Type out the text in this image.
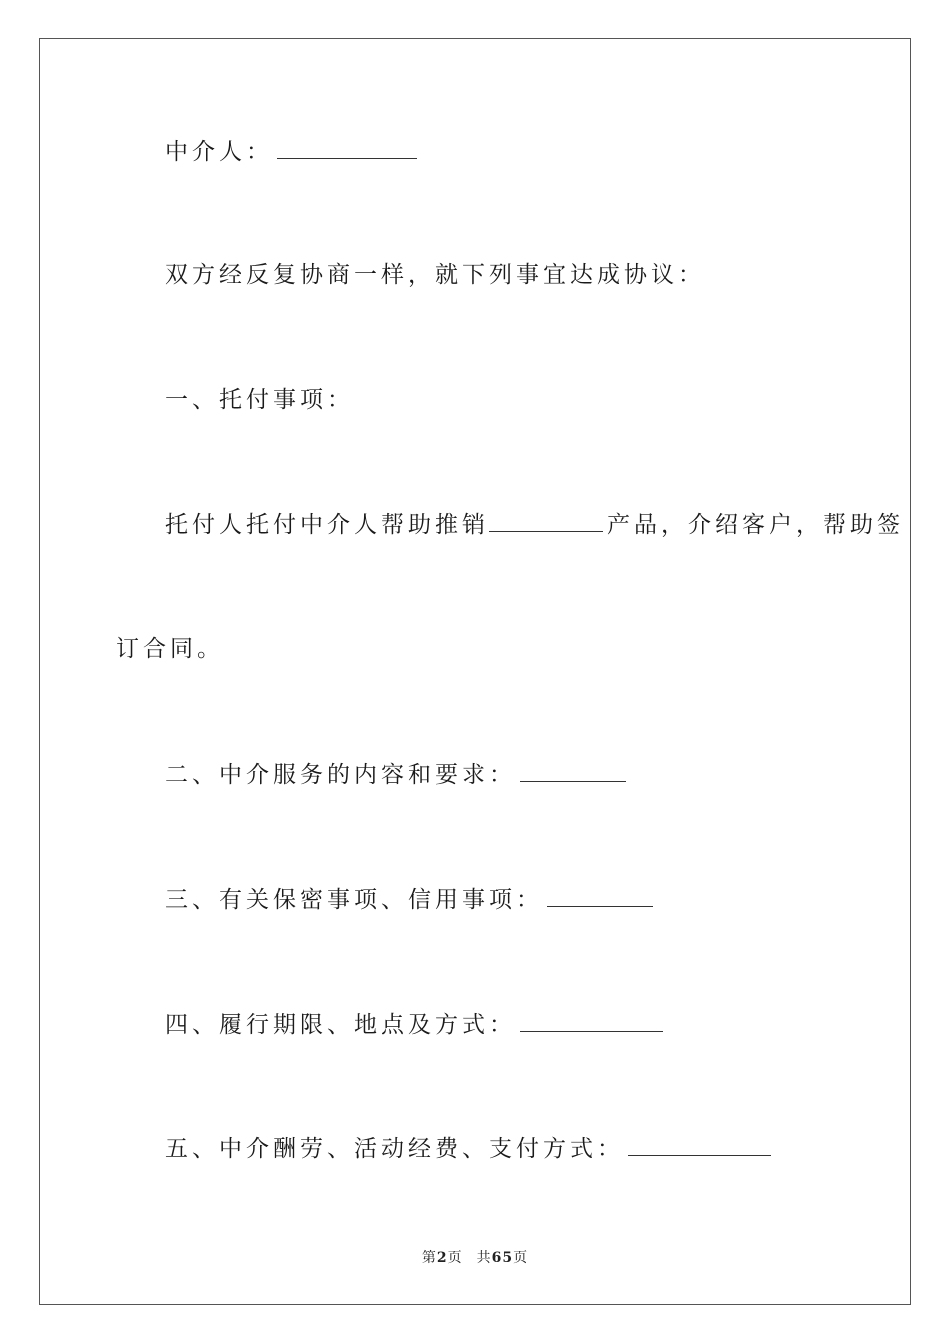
中介人：
双方经反复协商一样，就下列事宜达成协议：
一、托付事项：
托付人托付中介人帮助推销	产品，介绍客户，帮助签
订合同。
二、中介服务的内容和要求：
三、有关保密事项、信用事项：
四、履行期限、地点及方式：
五、中介酬劳、活动经费、支付方式：
第2页 共65页
